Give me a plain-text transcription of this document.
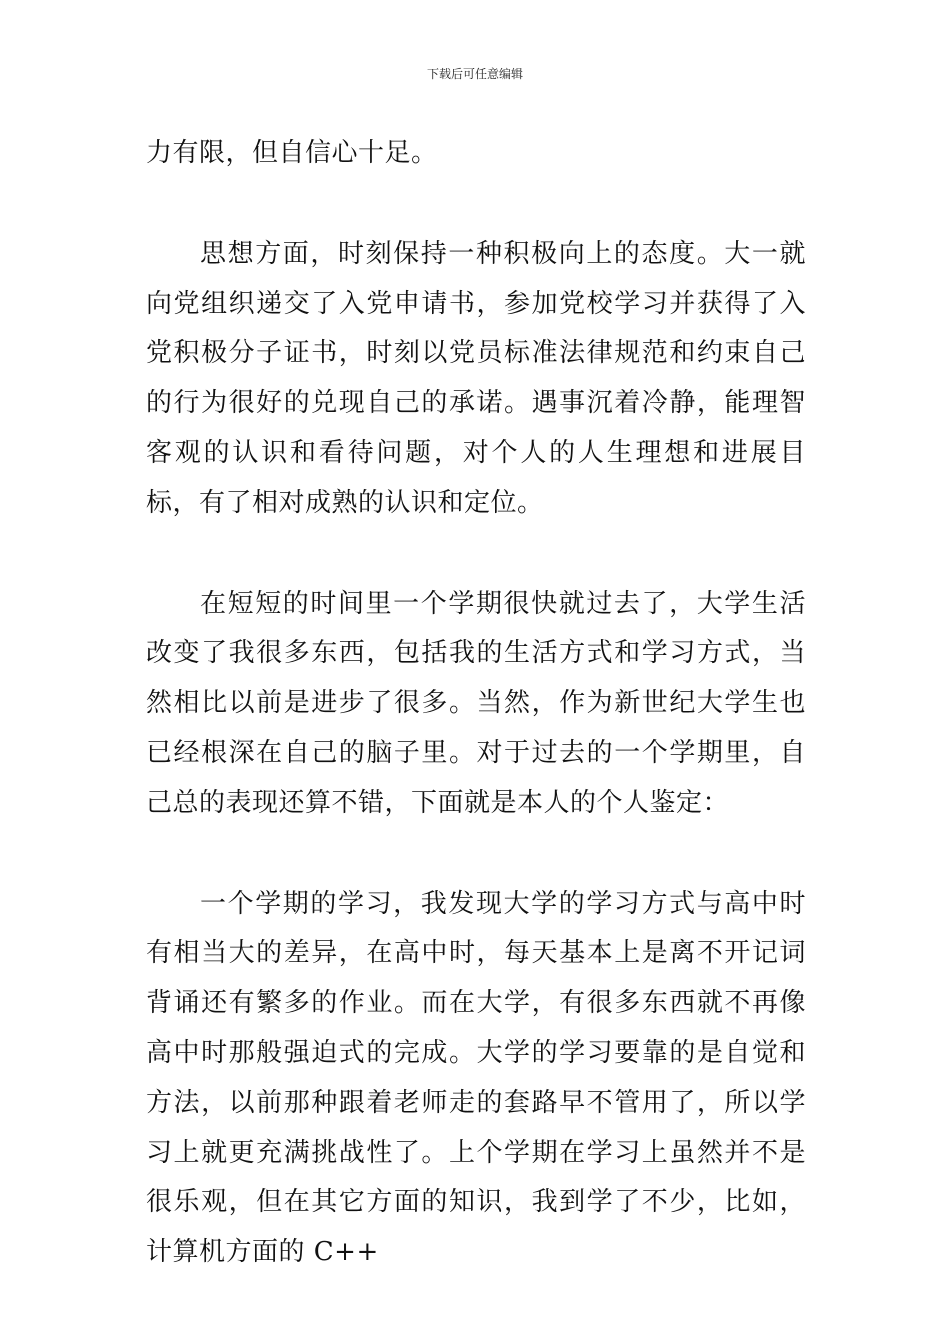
下载后可任意编辑

力有限，但自信心十足。

思想方面，时刻保持一种积极向上的态度。大一就向党组织递交了入党申请书，参加党校学习并获得了入党积极分子证书，时刻以党员标准法律规范和约束自己的行为很好的兑现自己的承诺。遇事沉着冷静，能理智客观的认识和看待问题，对个人的人生理想和进展目标，有了相对成熟的认识和定位。

在短短的时间里一个学期很快就过去了，大学生活改变了我很多东西，包括我的生活方式和学习方式，当然相比以前是进步了很多。当然，作为新世纪大学生也已经根深在自己的脑子里。对于过去的一个学期里，自己总的表现还算不错，下面就是本人的个人鉴定：

一个学期的学习，我发现大学的学习方式与高中时有相当大的差异，在高中时，每天基本上是离不开记词背诵还有繁多的作业。而在大学，有很多东西就不再像高中时那般强迫式的完成。大学的学习要靠的是自觉和方法，以前那种跟着老师走的套路早不管用了，所以学习上就更充满挑战性了。上个学期在学习上虽然并不是很乐观，但在其它方面的知识，我到学了不少，比如，计算机方面的 C++
